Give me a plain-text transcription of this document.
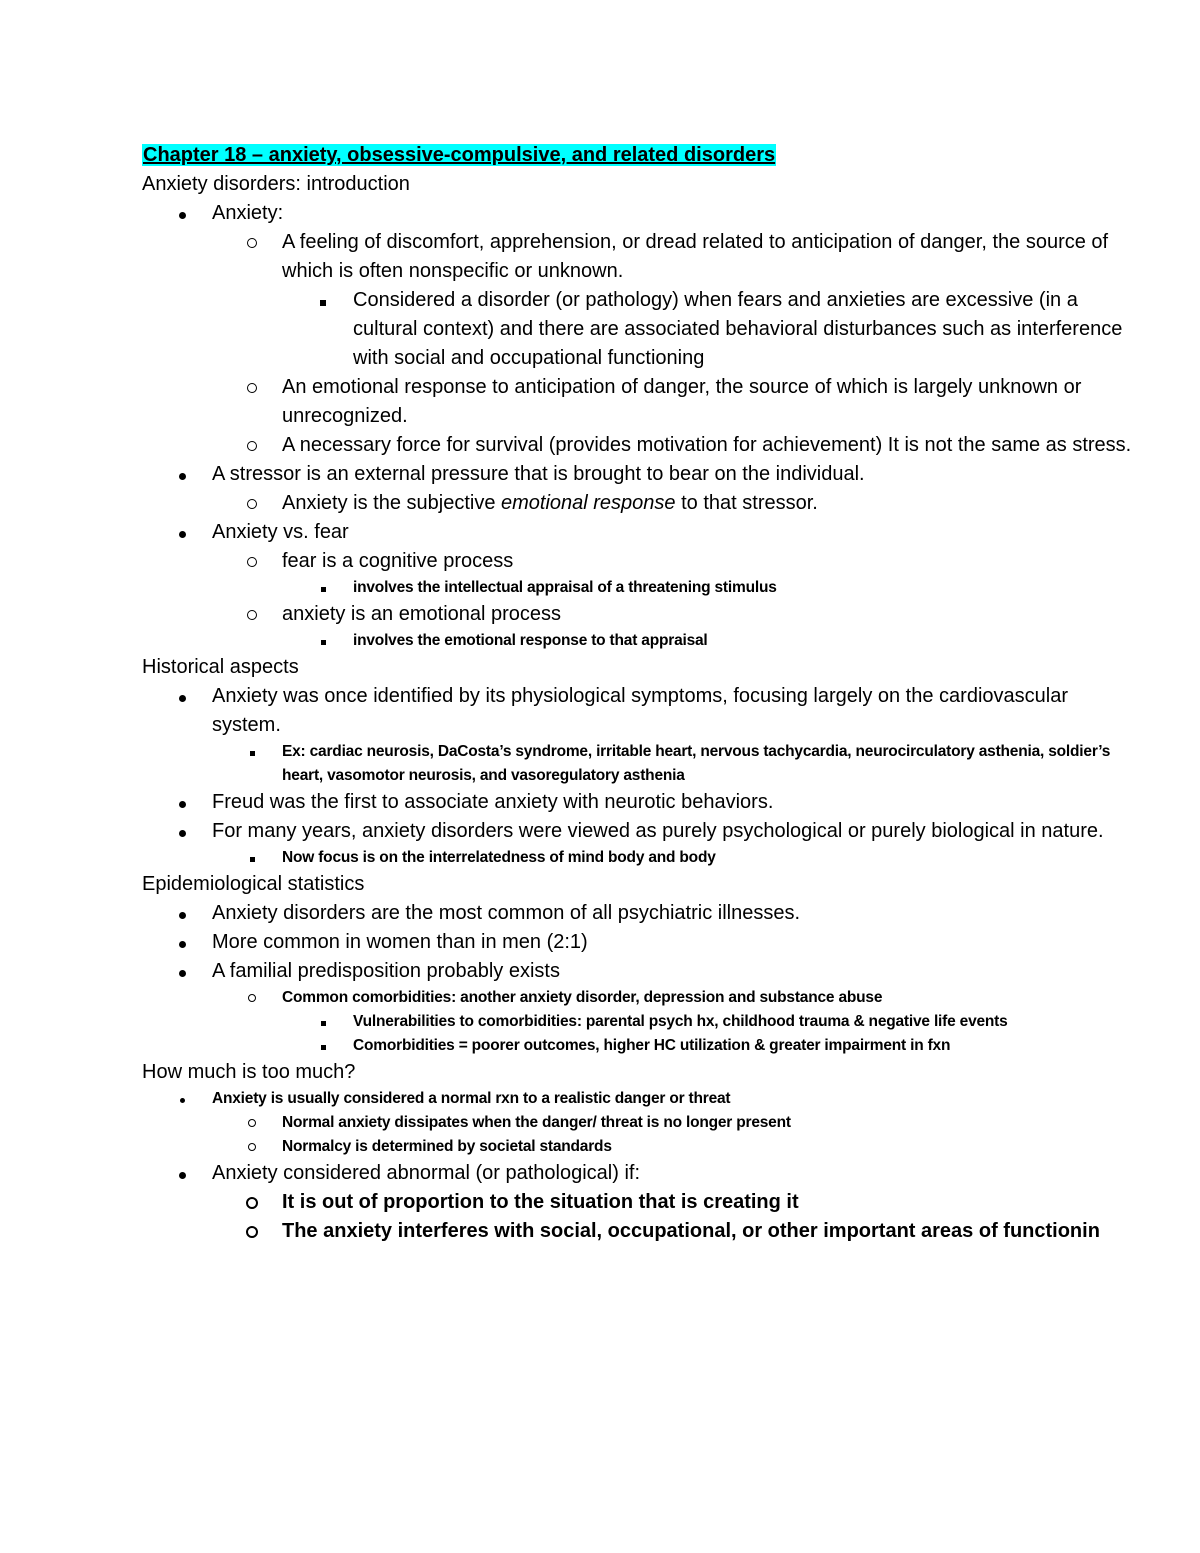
Chapter 18 – anxiety, obsessive-compulsive, and related disorders
Anxiety disorders: introduction
Anxiety:
A feeling of discomfort, apprehension, or dread related to anticipation of danger, the source of which is often nonspecific or unknown.
Considered a disorder (or pathology) when fears and anxieties are excessive (in a cultural context) and there are associated behavioral disturbances such as interference with social and occupational functioning
An emotional response to anticipation of danger, the source of which is largely unknown or unrecognized.
A necessary force for survival (provides motivation for achievement) It is not the same as stress.
A stressor is an external pressure that is brought to bear on the individual.
Anxiety is the subjective emotional response to that stressor.
Anxiety vs. fear
fear is a cognitive process
involves the intellectual appraisal of a threatening stimulus
anxiety is an emotional process
involves the emotional response to that appraisal
Historical aspects
Anxiety was once identified by its physiological symptoms, focusing largely on the cardiovascular system.
Ex: cardiac neurosis, DaCosta’s syndrome, irritable heart, nervous tachycardia, neurocirculatory asthenia, soldier’s heart, vasomotor neurosis, and vasoregulatory asthenia
Freud was the first to associate anxiety with neurotic behaviors.
For many years, anxiety disorders were viewed as purely psychological or purely biological in nature.
Now focus is on the interrelatedness of mind body and body
Epidemiological statistics
Anxiety disorders are the most common of all psychiatric illnesses.
More common in women than in men (2:1)
A familial predisposition probably exists
Common comorbidities: another anxiety disorder, depression and substance abuse
Vulnerabilities to comorbidities: parental psych hx, childhood trauma & negative life events
Comorbidities = poorer outcomes, higher HC utilization & greater impairment in fxn
How much is too much?
Anxiety is usually considered a normal rxn to a realistic danger or threat
Normal anxiety dissipates when the danger/ threat is no longer present
Normalcy is determined by societal standards
Anxiety considered abnormal (or pathological) if:
It is out of proportion to the situation that is creating it
The anxiety interferes with social, occupational, or other important areas of functionin
